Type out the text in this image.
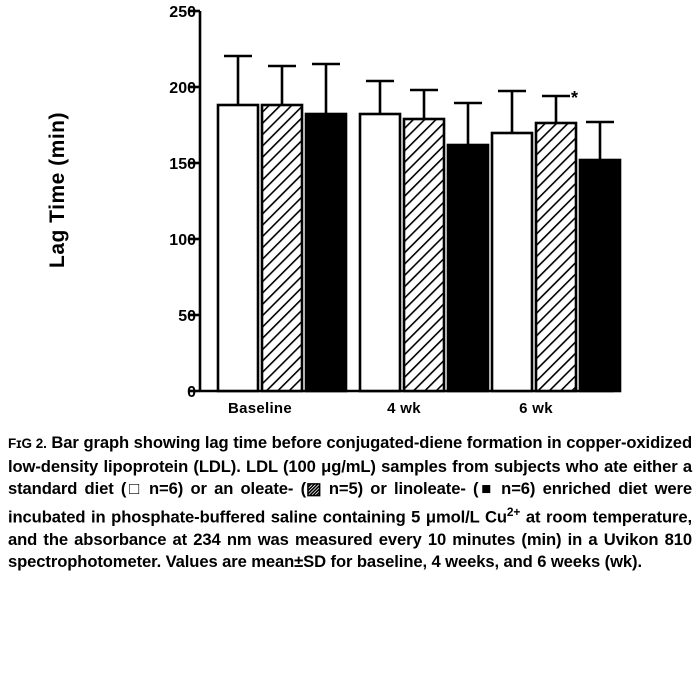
Lag Time (min)
250
200
150
100
50
0
Baseline	4 wk	6 wk
*
FɪG 2. Bar graph showing lag time before conjugated-diene formation in copper-oxidized low-density lipoprotein (LDL). LDL (100 μg/mL) samples from subjects who ate either a standard diet (□ n=6) or an oleate- (▨ n=5) or linoleate- (■ n=6) enriched diet were incubated in phosphate-buffered saline containing 5 μmol/L $Cu^{2+}$ at room temperature, and the absorbance at 234 nm was measured every 10 minutes (min) in a Uvikon 810 spectrophotometer. Values are mean±SD for baseline, 4 weeks, and 6 weeks (wk).
